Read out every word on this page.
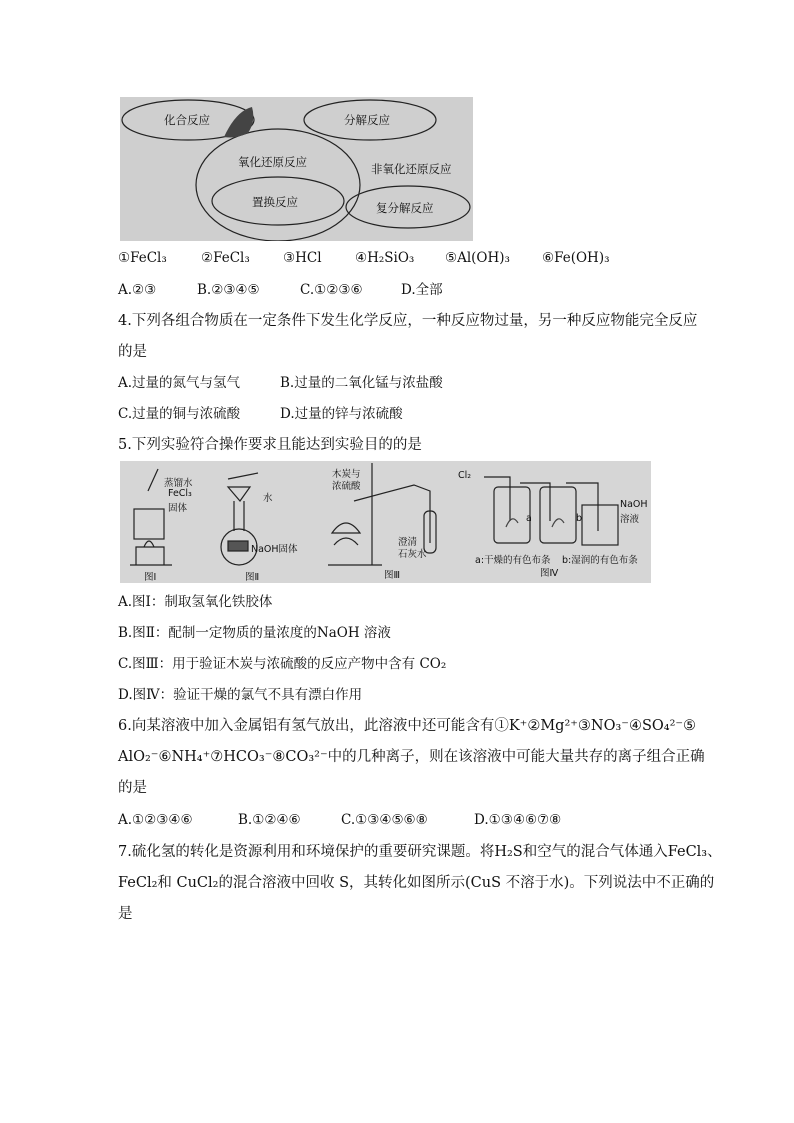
化合反应	分解反应
氧化还原反应	非氧化还原反应
置换反应	复分解反应
①FeCl₃	②FeCl₃ ③HCl ④H₂SiO₃ ⑤Al(OH)₃ ⑥Fe(OH)₃
A.②③	B.②③④⑤	C.①②③⑥	D.全部
4.下列各组合物质在一定条件下发生化学反应，一种反应物过量，另一种反应物能完全反应
的是
A.过量的氮气与氢气	B.过量的二氧化锰与浓盐酸
C.过量的铜与浓硫酸	D.过量的锌与浓硫酸
5.下列实验符合操作要求且能达到实验目的的是
蒸馏水
FeCl₃
固体
水
NaOH固体
木炭与
浓硫酸
澄清
石灰水
Cl₂
a	b
NaOH
溶液
a:干燥的有色布条 b:湿润的有色布条
图Ⅰ	图Ⅱ	图Ⅲ	图Ⅳ
A.图Ⅰ：制取氢氧化铁胶体
B.图Ⅱ：配制一定物质的量浓度的NaOH 溶液
C.图Ⅲ：用于验证木炭与浓硫酸的反应产物中含有 CO₂
D.图Ⅳ：验证干燥的氯气不具有漂白作用
6.向某溶液中加入金属铝有氢气放出，此溶液中还可能含有①K⁺②Mg²⁺③NO₃⁻④SO₄²⁻⑤
AlO₂⁻⑥NH₄⁺⑦HCO₃⁻⑧CO₃²⁻中的几种离子，则在该溶液中可能大量共存的离子组合正确
的是
A.①②③④⑥	B.①②④⑥	C.①③④⑤⑥⑧	D.①③④⑥⑦⑧
7.硫化氢的转化是资源利用和环境保护的重要研究课题。将H₂S和空气的混合气体通入FeCl₃、
FeCl₂和 CuCl₂的混合溶液中回收 S，其转化如图所示(CuS 不溶于水)。下列说法中不正确的
是
